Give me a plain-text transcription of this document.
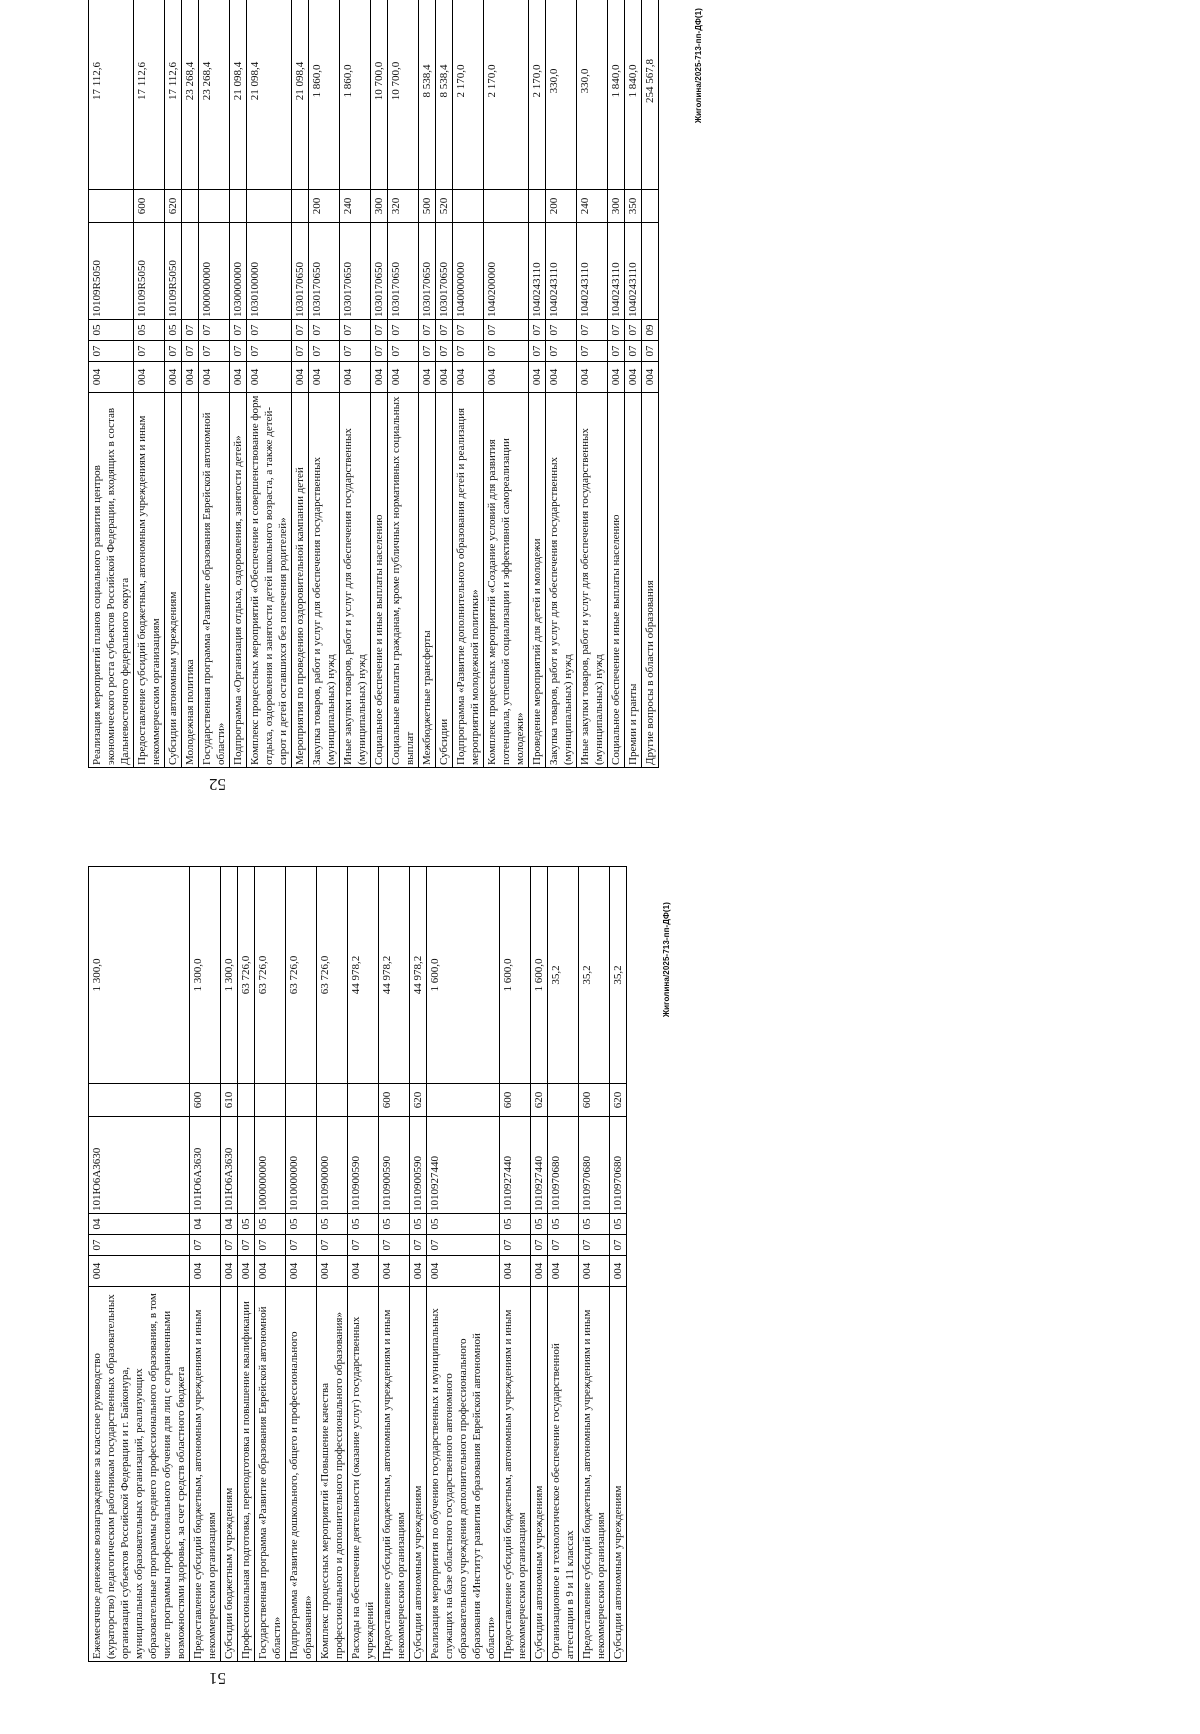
51
Ежемесячное денежное вознаграждение за классное руководство (кураторство) педагогическим работникам государственных образовательных организаций субъектов Российской Федерации и г. Байконура, муниципальных образовательных организаций, реализующих образовательные программы среднего профессионального образования, в том числе программы профессионального обучения для лиц с ограниченными возможностями здоровья, за счет средств областного бюджета	004	07	04	101Ю6А3630		1 300,0
Предоставление субсидий бюджетным, автономным учреждениям и иным некоммерческим организациям	004	07	04	101Ю6А3630	600	1 300,0
Субсидии бюджетным учреждениям	004	07	04	101Ю6А3630	610	1 300,0
Профессиональная подготовка, переподготовка и повышение квалификации	004	07	05			63 726,0
Государственная программа «Развитие образования Еврейской автономной области»	004	07	05	1000000000		63 726,0
Подпрограмма «Развитие дошкольного, общего и профессионального образования»	004	07	05	1010000000		63 726,0
Комплекс процессных мероприятий «Повышение качества профессионального и дополнительного профессионального образования»	004	07	05	1010900000		63 726,0
Расходы на обеспечение деятельности (оказание услуг) государственных учреждений	004	07	05	1010900590		44 978,2
Предоставление субсидий бюджетным, автономным учреждениям и иным некоммерческим организациям	004	07	05	1010900590	600	44 978,2
Субсидии автономным учреждениям	004	07	05	1010900590	620	44 978,2
Реализация мероприятия по обучению государственных и муниципальных служащих на базе областного государственного автономного образовательного учреждения дополнительного профессионального образования «Институт развития образования Еврейской автономной области»	004	07	05	1010927440		1 600,0
Предоставление субсидий бюджетным, автономным учреждениям и иным некоммерческим организациям	004	07	05	1010927440	600	1 600,0
Субсидии автономным учреждениям	004	07	05	1010927440	620	1 600,0
Организационное и технологическое обеспечение государственной аттестации в 9 и 11 классах	004	07	05	1010970680		35,2
Предоставление субсидий бюджетным, автономным учреждениям и иным некоммерческим организациям	004	07	05	1010970680	600	35,2
Субсидии автономным учреждениям	004	07	05	1010970680	620	35,2	Жиголина/2025-713-пп-ДФ(1)
52
Реализация мероприятий планов социального развития центров экономического роста субъектов Российской Федерации, входящих в состав Дальневосточного федерального округа	004	07	05	10109R5050		17 112,6
Предоставление субсидий бюджетным, автономным учреждениям и иным некоммерческим организациям	004	07	05	10109R5050	600	17 112,6
Субсидии автономным учреждениям	004	07	05	10109R5050	620	17 112,6
Молодежная политика	004	07	07			23 268,4
Государственная программа «Развитие образования Еврейской автономной области»	004	07	07	1000000000		23 268,4
Подпрограмма «Организация отдыха, оздоровления, занятости детей»	004	07	07	1030000000		21 098,4
Комплекс процессных мероприятий «Обеспечение и совершенствование форм отдыха, оздоровления и занятости детей школьного возраста, а также детей-сирот и детей оставшихся без попечения родителей»	004	07	07	1030100000		21 098,4
Мероприятия по проведению оздоровительной кампании детей	004	07	07	1030170650		21 098,4
Закупка товаров, работ и услуг для обеспечения государственных (муниципальных) нужд	004	07	07	1030170650	200	1 860,0
Иные закупки товаров, работ и услуг для обеспечения государственных (муниципальных) нужд	004	07	07	1030170650	240	1 860,0
Социальное обеспечение и иные выплаты населению	004	07	07	1030170650	300	10 700,0
Социальные выплаты гражданам, кроме публичных нормативных социальных выплат	004	07	07	1030170650	320	10 700,0
Межбюджетные трансферты	004	07	07	1030170650	500	8 538,4
Субсидии	004	07	07	1030170650	520	8 538,4
Подпрограмма «Развитие дополнительного образования детей и реализация мероприятий молодежной политики»	004	07	07	1040000000		2 170,0
Комплекс процессных мероприятий «Создание условий для развития потенциала, успешной социализации и эффективной самореализации молодежи»	004	07	07	1040200000		2 170,0
Проведение мероприятий для детей и молодежи	004	07	07	1040243110		2 170,0
Закупка товаров, работ и услуг для обеспечения государственных (муниципальных) нужд	004	07	07	1040243110	200	330,0
Иные закупки товаров, работ и услуг для обеспечения государственных (муниципальных) нужд	004	07	07	1040243110	240	330,0
Социальное обеспечение и иные выплаты населению	004	07	07	1040243110	300	1 840,0
Премии и гранты	004	07	07	1040243110	350	1 840,0
Другие вопросы в области образования	004	07	09			254 567,8	Жиголина/2025-713-пп-ДФ(1)
